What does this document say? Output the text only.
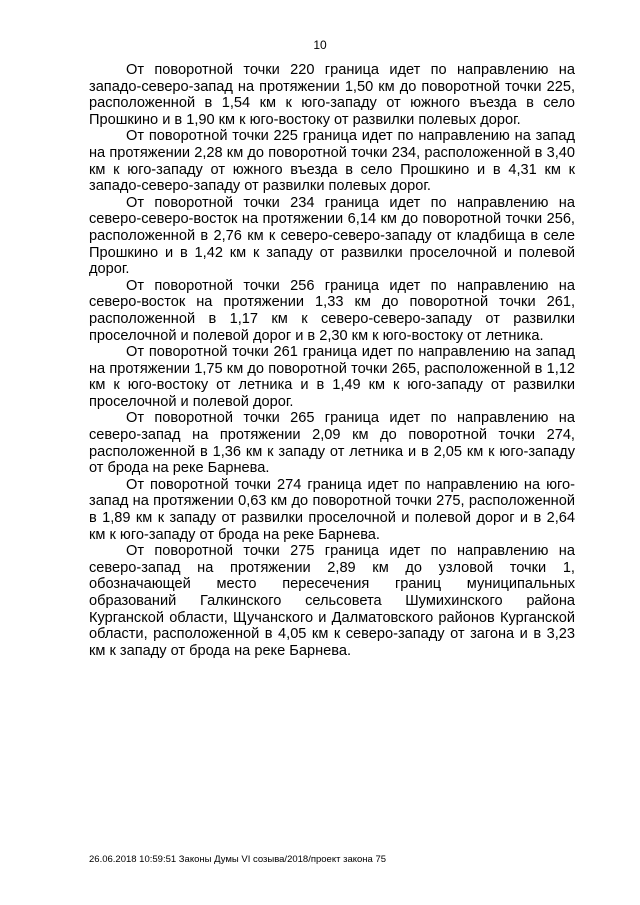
10

От поворотной точки 220 граница идет по направлению на западо-северо-запад на протяжении 1,50 км до поворотной точки 225, расположенной в 1,54 км к юго-западу от южного въезда в село Прошкино и в 1,90 км к юго-востоку от развилки полевых дорог.

От поворотной точки 225 граница идет по направлению на запад на протяжении 2,28 км до поворотной точки 234, расположенной в 3,40 км к юго-западу от южного въезда в село Прошкино и в 4,31 км к западо-северо-западу от развилки полевых дорог.

От поворотной точки 234 граница идет по направлению на северо-северо-восток на протяжении 6,14 км до поворотной точки 256, расположенной в 2,76 км к северо-северо-западу от кладбища в селе Прошкино и в 1,42 км к западу от развилки проселочной и полевой дорог.

От поворотной точки 256 граница идет по направлению на северо-восток на протяжении 1,33 км до поворотной точки 261, расположенной в 1,17 км к северо-северо-западу от развилки проселочной и полевой дорог и в 2,30 км к юго-востоку от летника.

От поворотной точки 261 граница идет по направлению на запад на протяжении 1,75 км до поворотной точки 265, расположенной в 1,12 км к юго-востоку от летника и в 1,49 км к юго-западу от развилки проселочной и полевой дорог.

От поворотной точки 265 граница идет по направлению на северо-запад на протяжении 2,09 км до поворотной точки 274, расположенной в 1,36 км к западу от летника и в 2,05 км к юго-западу от брода на реке Барнева.

От поворотной точки 274 граница идет по направлению на юго-запад на протяжении 0,63 км до поворотной точки 275, расположенной в 1,89 км к западу от развилки проселочной и полевой дорог и в 2,64 км к юго-западу от брода на реке Барнева.

От поворотной точки 275 граница идет по направлению на северо-запад на протяжении 2,89 км до узловой точки 1, обозначающей место пересечения границ муниципальных образований Галкинского сельсовета Шумихинского района Курганской области, Щучанского и Далматовского районов Курганской области, расположенной в 4,05 км к северо-западу от загона и в 3,23 км к западу от брода на реке Барнева.

26.06.2018 10:59:51 Законы Думы VI созыва/2018/проект закона 75
